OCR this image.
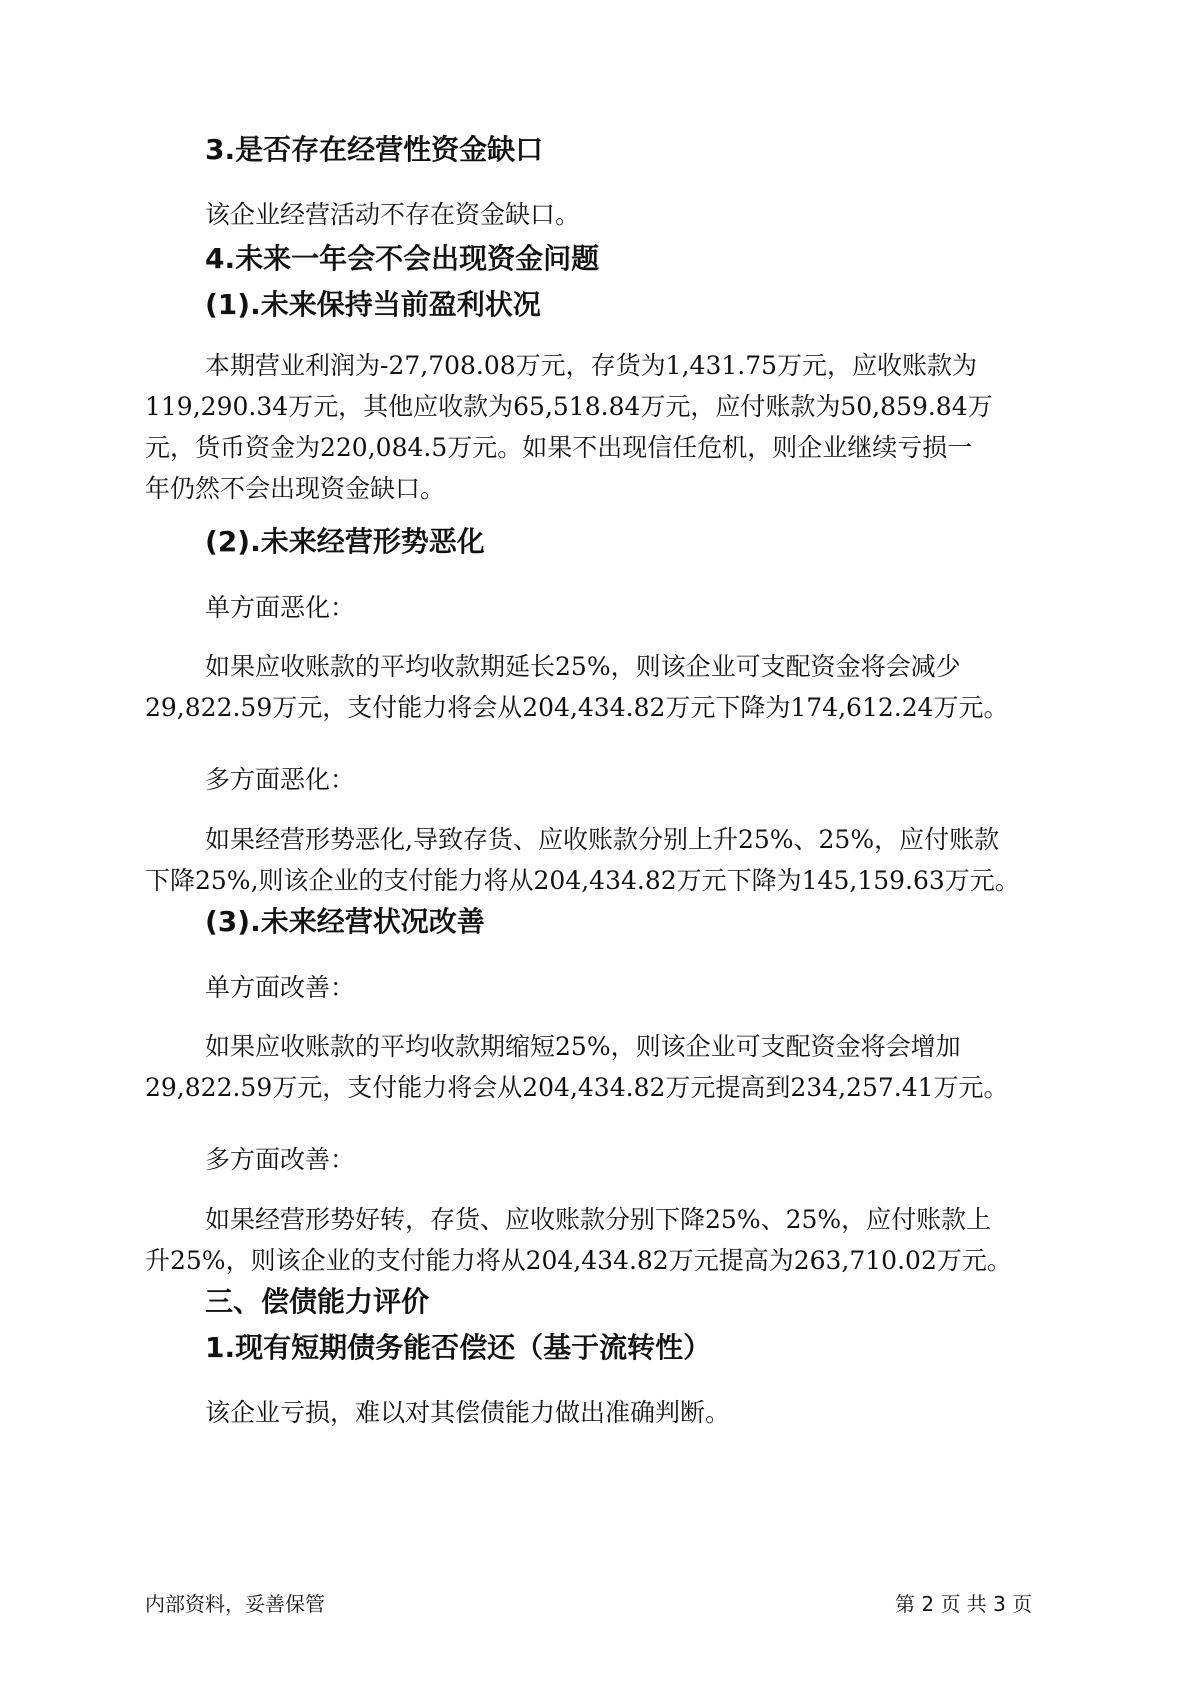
3.是否存在经营性资金缺口

该企业经营活动不存在资金缺口。

4.未来一年会不会出现资金问题
(1).未来保持当前盈利状况
本期营业利润为-27,708.08万元，存货为1,431.75万元，应收账款为
119,290.34万元，其他应收款为65,518.84万元，应付账款为50,859.84万
元，货币资金为220,084.5万元。如果不出现信任危机，则企业继续亏损一
年仍然不会出现资金缺口。
(2).未来经营形势恶化

单方面恶化：

如果应收账款的平均收款期延长25%，则该企业可支配资金将会减少
29,822.59万元，支付能力将会从204,434.82万元下降为174,612.24万元。

多方面恶化：

如果经营形势恶化,导致存货、应收账款分别上升25%、25%，应付账款
下降25%,则该企业的支付能力将从204,434.82万元下降为145,159.63万元。
(3).未来经营状况改善

单方面改善：

如果应收账款的平均收款期缩短25%，则该企业可支配资金将会增加
29,822.59万元，支付能力将会从204,434.82万元提高到234,257.41万元。

多方面改善：

如果经营形势好转，存货、应收账款分别下降25%、25%，应付账款上
升25%，则该企业的支付能力将从204,434.82万元提高为263,710.02万元。
三、偿债能力评价
1.现有短期债务能否偿还（基于流转性）

该企业亏损，难以对其偿债能力做出准确判断。

内部资料，妥善保管	第 2 页 共 3 页
